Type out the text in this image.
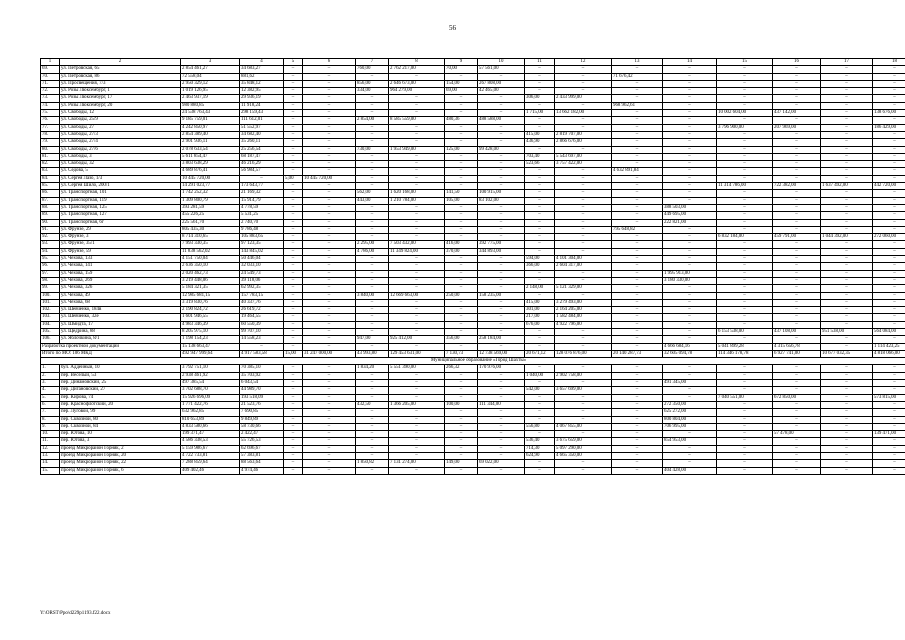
56
1	2	3	4	5	6	7	8	9	10	11	12	13	14	15	16	17	18	
69.	ул. Петровская, 65	2 854 461,27	34 683,27	–	–	760,00	2 762 217,00	70,00	57 561,00	–	–	–	–	–	–	–	–	
70.	ул. Петровская, 86	72 558,04	881,62	–	–	–	–	–	–	–	–	71 676,42	–	–	–	–	–	
71.	ул. Просвещения, 7/3	2 950 329,12	35 848,12	–	–	856,00	2 646 673,00	154,00	267 808,00	–	–	–	–	–	–	–	–	
72.	ул. Розы Люксембург, 1	1 019 126,95	12 382,95	–	–	334,00	964 279,00	69,00	42 465,00	–	–	–	–	–	–	–	–	
73.	ул. Розы Люксембург, 17	2 463 937,19	29 936,19	–	–	–	–	–	–	306,00	2 433 999,00	–	–	–	–	–	–	
74.	ул. Розы Люксембург, 20	980 880,85	11 918,24	–	–	–	–	–	–	–	–	968 962,61	–	–	–	–	–	
75.	ул. Свободы, 12	24 538 763,43	298 159,43	–	–	–	–	–	–	1 715,00	13 662 182,00	–	–	10 002 604,00	437 142,00	–	138 676,00	
76.	ул. Свободы, 25/9	9 185 759,01	111 612,01	–	–	2 854,00	8 585 559,00	480,36	488 588,00	–	–	–	–	–	–	–	–	
77.	ул. Свободы, 27	4 242 850,97	51 552,97	–	–	–	–	–	–	–	–	–	–	3 796 900,00	207 969,00	–	186 429,00	
78.	ул. Свободы, 27/3	2 854 389,40	34 682,40	–	–	–	–	–	–	415,00	2 819 707,00	–	–	–	–	–	–	
79.	ул. Свободы, 27/4	2 901 936,11	35 260,11	–	–	–	–	–	–	436,90	2 866 676,00	–	–	–	–	–	–	
80.	ул. Свободы, 27/6	2 078 633,54	25 256,54	–	–	730,00	1 953 949,00	125,00	99 428,00	–	–	–	–	–	–	–	–	
81.	ул. Свободы, 3	5 611 854,47	68 187,47	–	–	–	–	–	–	703,40	5 543 697,00	–	–	–	–	–	–	
82.	ул. Свободы, 32	3 803 638,29	46 216,29	–	–	–	–	–	–	523,66	3 757 422,00	–	–	–	–	–	–	
83.	ул. Седова, 5	4 689 876,41	56 984,57	–	–	–	–	–	–	–	–	4 632 891,84	–	–	–	–	–	
84.	ул. Сергея Лазо, 1/3	10 445 720,00	–	5,00	10 445 720,00	–	–	–	–	–	–	–	–	–	–	–	–	
85.	ул. Сергея Шило, 200/1	14 291 023,77	173 643,77	–	–	–	–	–	–	–	–	–	–	11 314 786,00	722 382,00	1 637 492,00	442 720,00	
86.	ул. Транспортная, 101	1 742 252,32	21 169,32	–	–	562,00	1 620 168,00	141,50	100 915,00	–	–	–	–	–	–	–	–	
87.	ул. Транспортная, 119	1 309 800,79	15 914,79	–	–	443,00	1 210 784,00	105,00	83 102,00	–	–	–	–	–	–	–	–	
88.	ул. Транспортная, 125	393 281,59	4 778,59	–	–	–	–	–	–	–	–	–	388 503,00	–	–	–	–	
89.	ул. Транспортная, 127	455 226,25	5 531,25	–	–	–	–	–	–	–	–	–	449 695,00	–	–	–	–	
90.	ул. Транспортная, 6г	225 561,70	2 740,70	–	–	–	–	–	–	–	–	–	222 821,00	–	–	–	–	
91.	ул. Фрунзе, 29	805 435,30	9 786,48	–	–	–	–	–	–	–	–	795 648,82	–	–	–	–	–	
92.	ул. Фрунзе, 3	8 714 310,65	105 883,65	–	–	–	–	–	–	–	–	–	–	6 832 184,00	459 791,00	1 044 392,00	272 060,00	
93.	ул. Фрунзе, 35/1	7 993 330,35	97 123,35	–	–	2 295,00	7 503 432,00	416,00	392 775,00	–	–	–	–	–	–	–	–	
94.	ул. Фрунзе, 59	11 838 562,02	143 845,02	–	–	4 786,00	11 349 824,00	370,00	344 893,00	–	–	–	–	–	–	–	–	
95.	ул. Чехова, 133	4 151 750,04	50 446,04	–	–	–	–	–	–	594,00	4 101 304,00	–	–	–	–	–	–	
96.	ул. Чехова, 141	2 636 350,10	32 033,10	–	–	–	–	–	–	366,00	2 604 317,00	–	–	–	–	–	–	
97.	ул. Чехова, 159	2 020 462,73	24 549,73	–	–	–	–	–	–	–	–	–	1 995 913,00	–	–	–	–	
98.	ул. Чехова, 269	3 219 448,06	39 118,06	–	–	–	–	–	–	–	–	–	3 180 330,00	–	–	–	–	
99.	ул. Чехова, 326	5 184 321,35	62 992,35	–	–	–	–	–	–	2 148,00	5 121 329,00	–	–	–	–	–	–	
100.	ул. Чехова, 49	12 985 681,15	157 783,15	–	–	3 840,00	12 669 663,00	250,00	158 235,00	–	–	–	–	–	–	–	–	
101.	ул. Чехова, 68	3 319 830,76	40 337,76	–	–	–	–	–	–	415,00	3 279 493,00	–	–	–	–	–	–	
102.	ул. Шевченко, 184в	2 190 824,72	26 619,72	–	–	–	–	–	–	301,00	2 164 205,00	–	–	–	–	–	–	
103.	ул. Шевченко, 32е	1 601 946,55	19 464,55	–	–	–	–	–	–	217,00	1 582 484,00	–	–	–	–	–	–	
104.	ул. Шмидта, 17	4 983 346,39	60 550,39	–	–	–	–	–	–	676,00	4 922 796,00	–	–	–	–	–	–	
105.	ул. Щедрина, 88	8 205 975,10	99 707,10	–	–	–	–	–	–	–	–	–	–	6 153 538,00	437 108,00	951 538,00	564 084,00	
106.	ул. Яблочкина, 8/1	1 198 154,23	14 558,23	–	–	947,00	925 412,00	356,00	258 184,00	–	–	–	–	–	–	–	–	
Разработка проектной документации		15 138 663,47	–	–	–	–	–	–	–	–	–	–	4 666 684,16	5 041 899,28	4 315 656,78	–	1 114 423,25	
Итого по МО: 106 МКД		492 947 999,64	4 917 583,58	15,00	31 247 000,00	43 993,80	129 453 631,00	7 130,73	12 738 569,00	20 671,12	128 076 876,00	20 140 287,73	32 605 094,78	114 346 178,78	6 927 741,00	10 677 032,35	4 818 066,00	
Муниципальное образование «Город Шахты»																		
1.	бул. Аддейный, 10	3 792 751,10	70 385,10	–	–	1 834,20	5 551 390,00	266,32	170 976,00	–	–	–	–	–	–	–	–	
2.	пер. Веселый, 53	2 938 461,92	35 703,92	–	–	–	–	–	–	1 040,00	2 902 758,00	–	–	–	–	–	–	
3.	пер. Динамовский, 25	497 385,54	6 043,54	–	–	–	–	–	–	–	–	–	491 345,00	–	–	–	–	
4.	пер. Дигановский, 27	3 702 688,70	44 989,70	–	–	–	–	–	–	542,00	3 657 699,00	–	–	–	–	–	–	
5.	пер. Кирова, 74	15 926 696,09	193 518,09	–	–	–	–	–	–	–	–	–	–	7 040 551,00	672 850,00	–	573 815,00	
6.	пер. Краснофлотский, 20	1 771 422,76	21 523,76	–	–	432,50	1 366 205,00	100,00	111 344,00	–	–	–	272 350,00	–	–	–	–	
7.	пер. Луговой, 99	632 962,85	7 690,85	–	–	–	–	–	–	–	–	–	625 272,00	–	–	–	–	
8.	пер. Сквозной, 80	810 653,89	9 849,89	–	–	–	–	–	–	–	–	–	800 804,00	–	–	–	–	
9.	пер. Сквозной, 84	4 833 580,66	58 730,66	–	–	–	–	–	–	556,80	4 067 855,00	–	706 995,00	–	–	–	–	
10.	пер. Югова, 10	199 371,47	2 422,47	–	–	–	–	–	–	–	–	–	–	–	57 478,00	–	139 471,00	
11.	пер. Югова, 3	4 586 338,53	55 726,53	–	–	–	–	–	–	536,40	3 675 659,00	–	854 953,00	–	–	–	–	
12.	проезд Микрорайон Горняк, 2	5 159 986,67	62 696,67	–	–	–	–	–	–	714,30	5 097 290,00	–	–	–	–	–	–	
13.	проезд Микрорайон Горняк, 20	4 722 733,81	57 383,81	–	–	–	–	–	–	624,90	4 665 350,00	–	–	–	–	–	–	
14.	проезд Микрорайон Горняк, 22	7 288 859,64	88 563,64	–	–	1 850,82	7 131 274,00	149,00	69 022,00	–	–	–	–	–	–	–	–	
15.	проезд Микрорайон Горняк, 6	409 402,46	4 974,46	–	–	–	–	–	–	–	–	–	404 428,00	–	–	–	–	
Y:\ORST\Ppo\d229p1193.f22.docx
